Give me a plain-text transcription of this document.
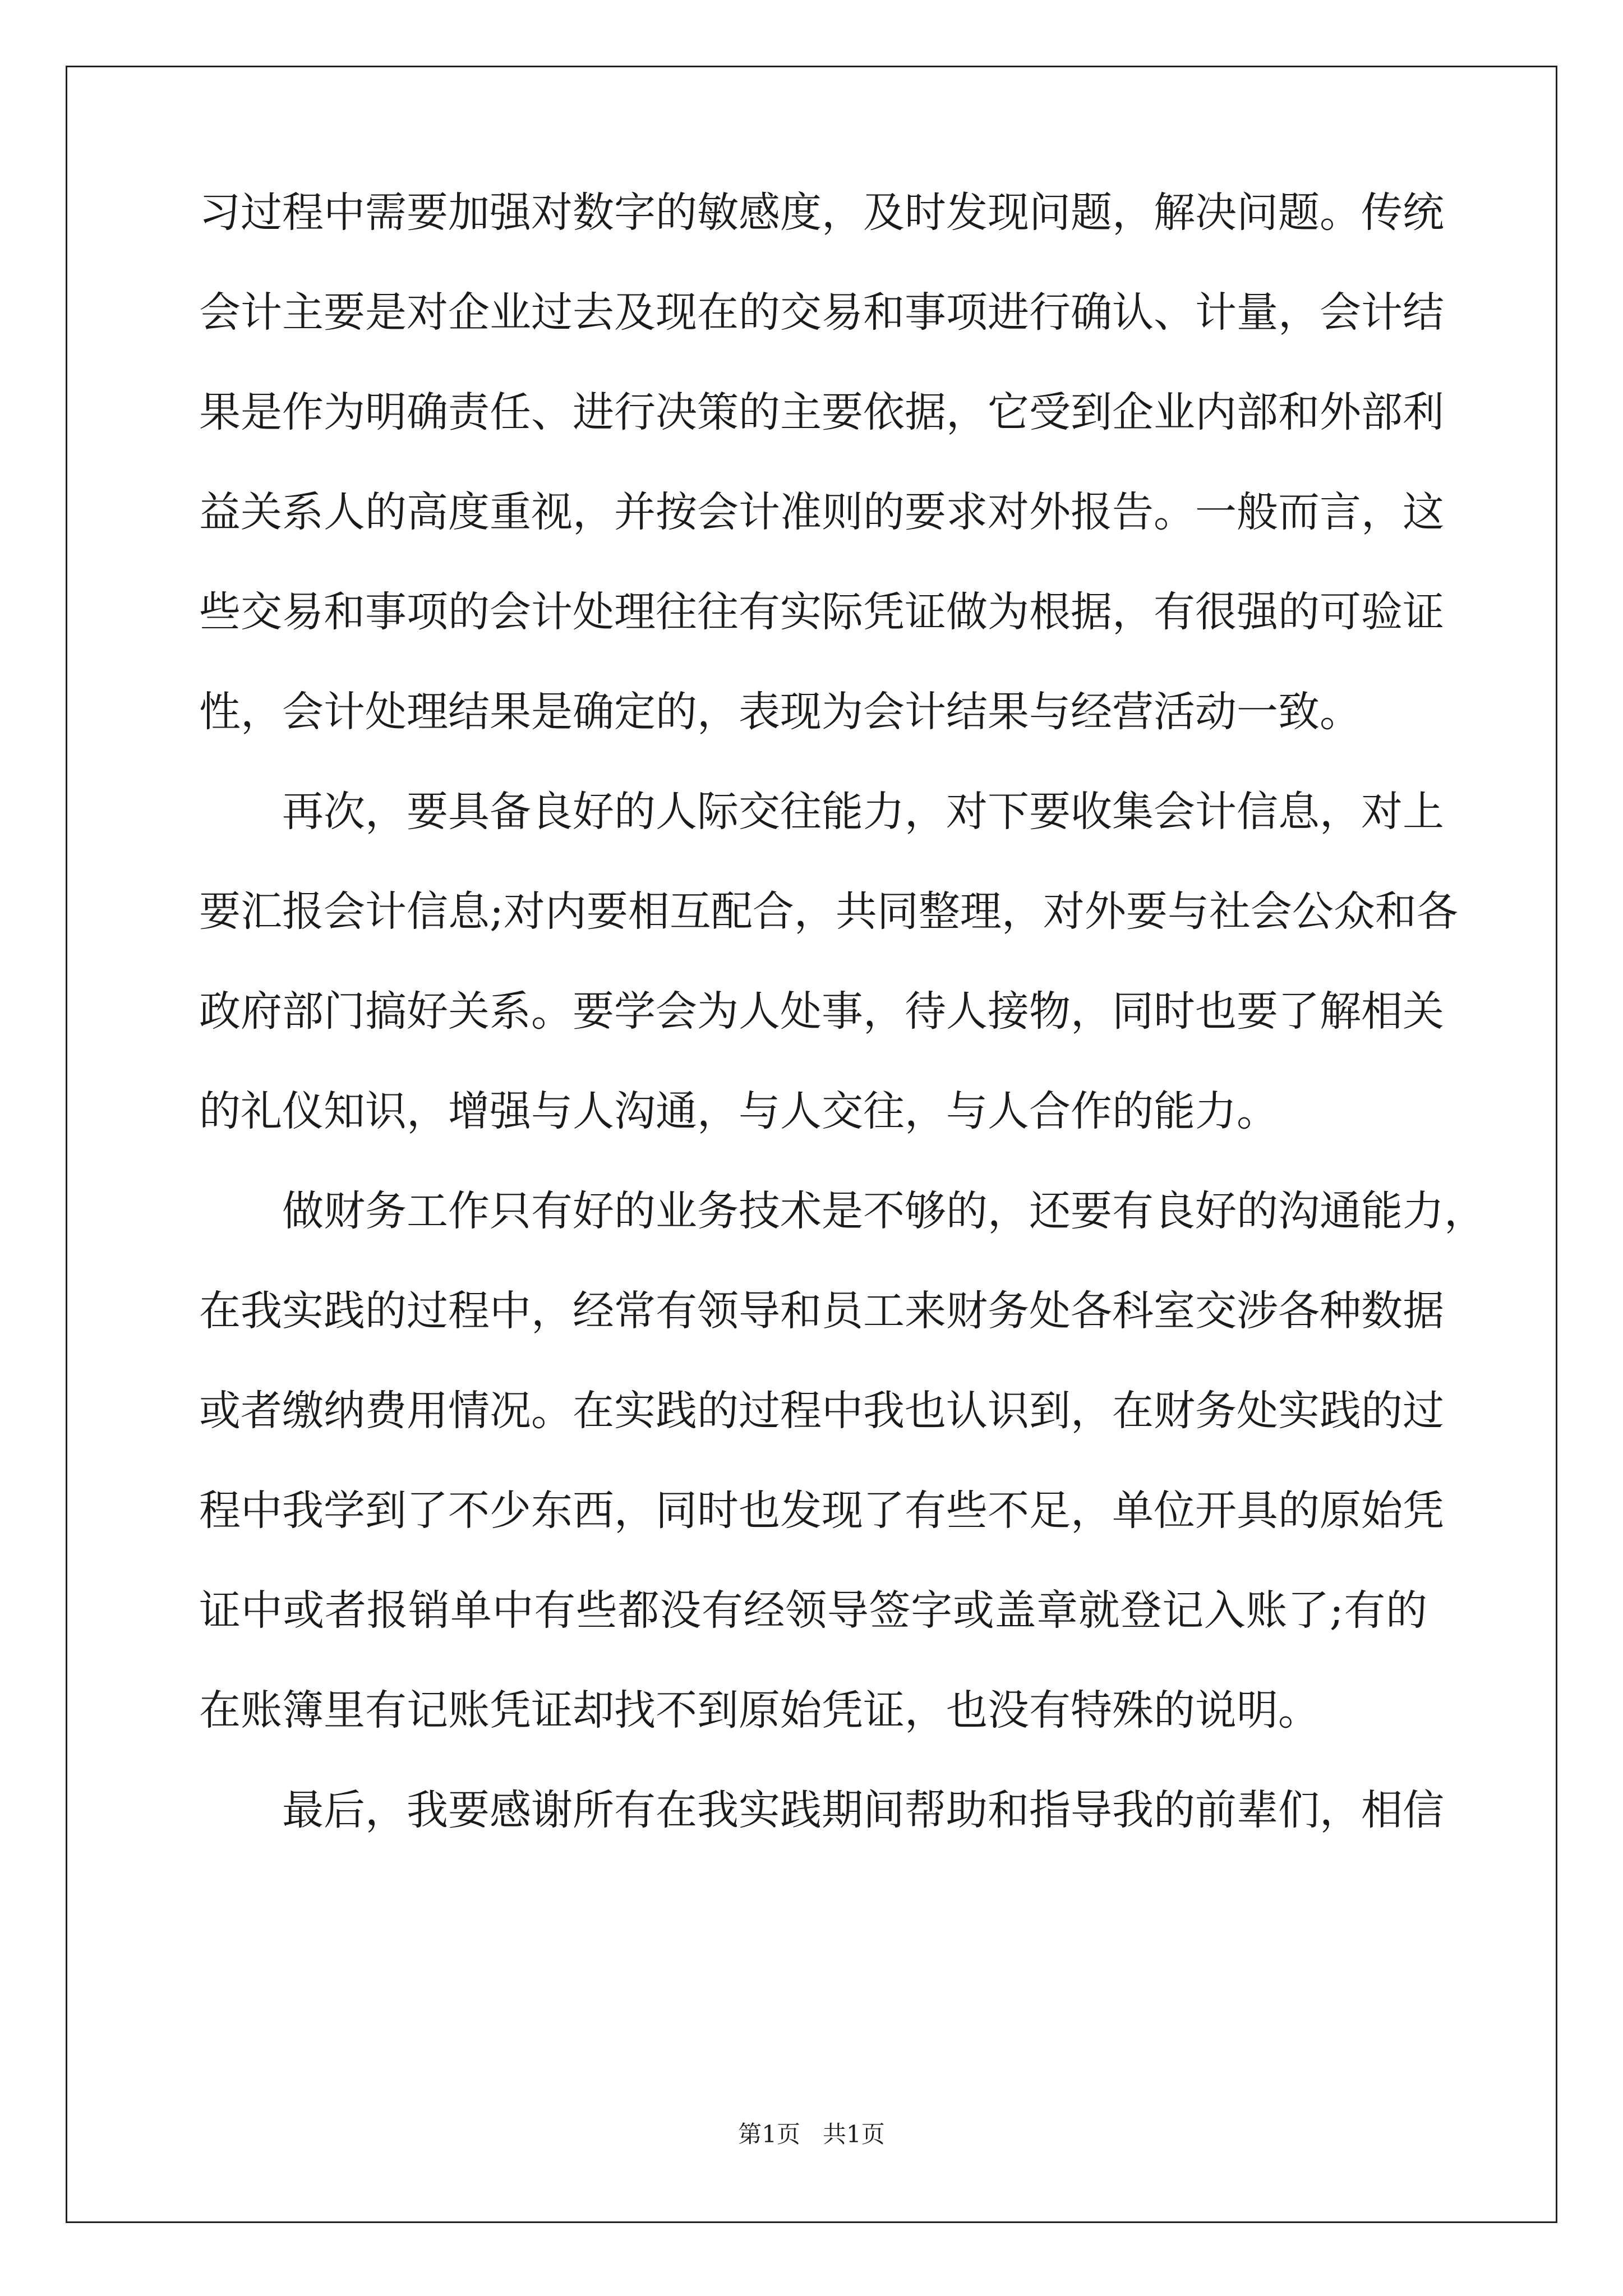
习过程中需要加强对数字的敏感度，及时发现问题，解决问题。传统
会计主要是对企业过去及现在的交易和事项进行确认、计量，会计结
果是作为明确责任、进行决策的主要依据，它受到企业内部和外部利
益关系人的高度重视，并按会计准则的要求对外报告。一般而言，这
些交易和事项的会计处理往往有实际凭证做为根据，有很强的可验证
性，会计处理结果是确定的，表现为会计结果与经营活动一致。
再次，要具备良好的人际交往能力，对下要收集会计信息，对上
要汇报会计信息;对内要相互配合，共同整理，对外要与社会公众和各
政府部门搞好关系。要学会为人处事，待人接物，同时也要了解相关
的礼仪知识，增强与人沟通，与人交往，与人合作的能力。
做财务工作只有好的业务技术是不够的，还要有良好的沟通能力，
在我实践的过程中，经常有领导和员工来财务处各科室交涉各种数据
或者缴纳费用情况。在实践的过程中我也认识到，在财务处实践的过
程中我学到了不少东西，同时也发现了有些不足，单位开具的原始凭
证中或者报销单中有些都没有经领导签字或盖章就登记入账了;有的
在账簿里有记账凭证却找不到原始凭证，也没有特殊的说明。
最后，我要感谢所有在我实践期间帮助和指导我的前辈们，相信
第1页   共1页
